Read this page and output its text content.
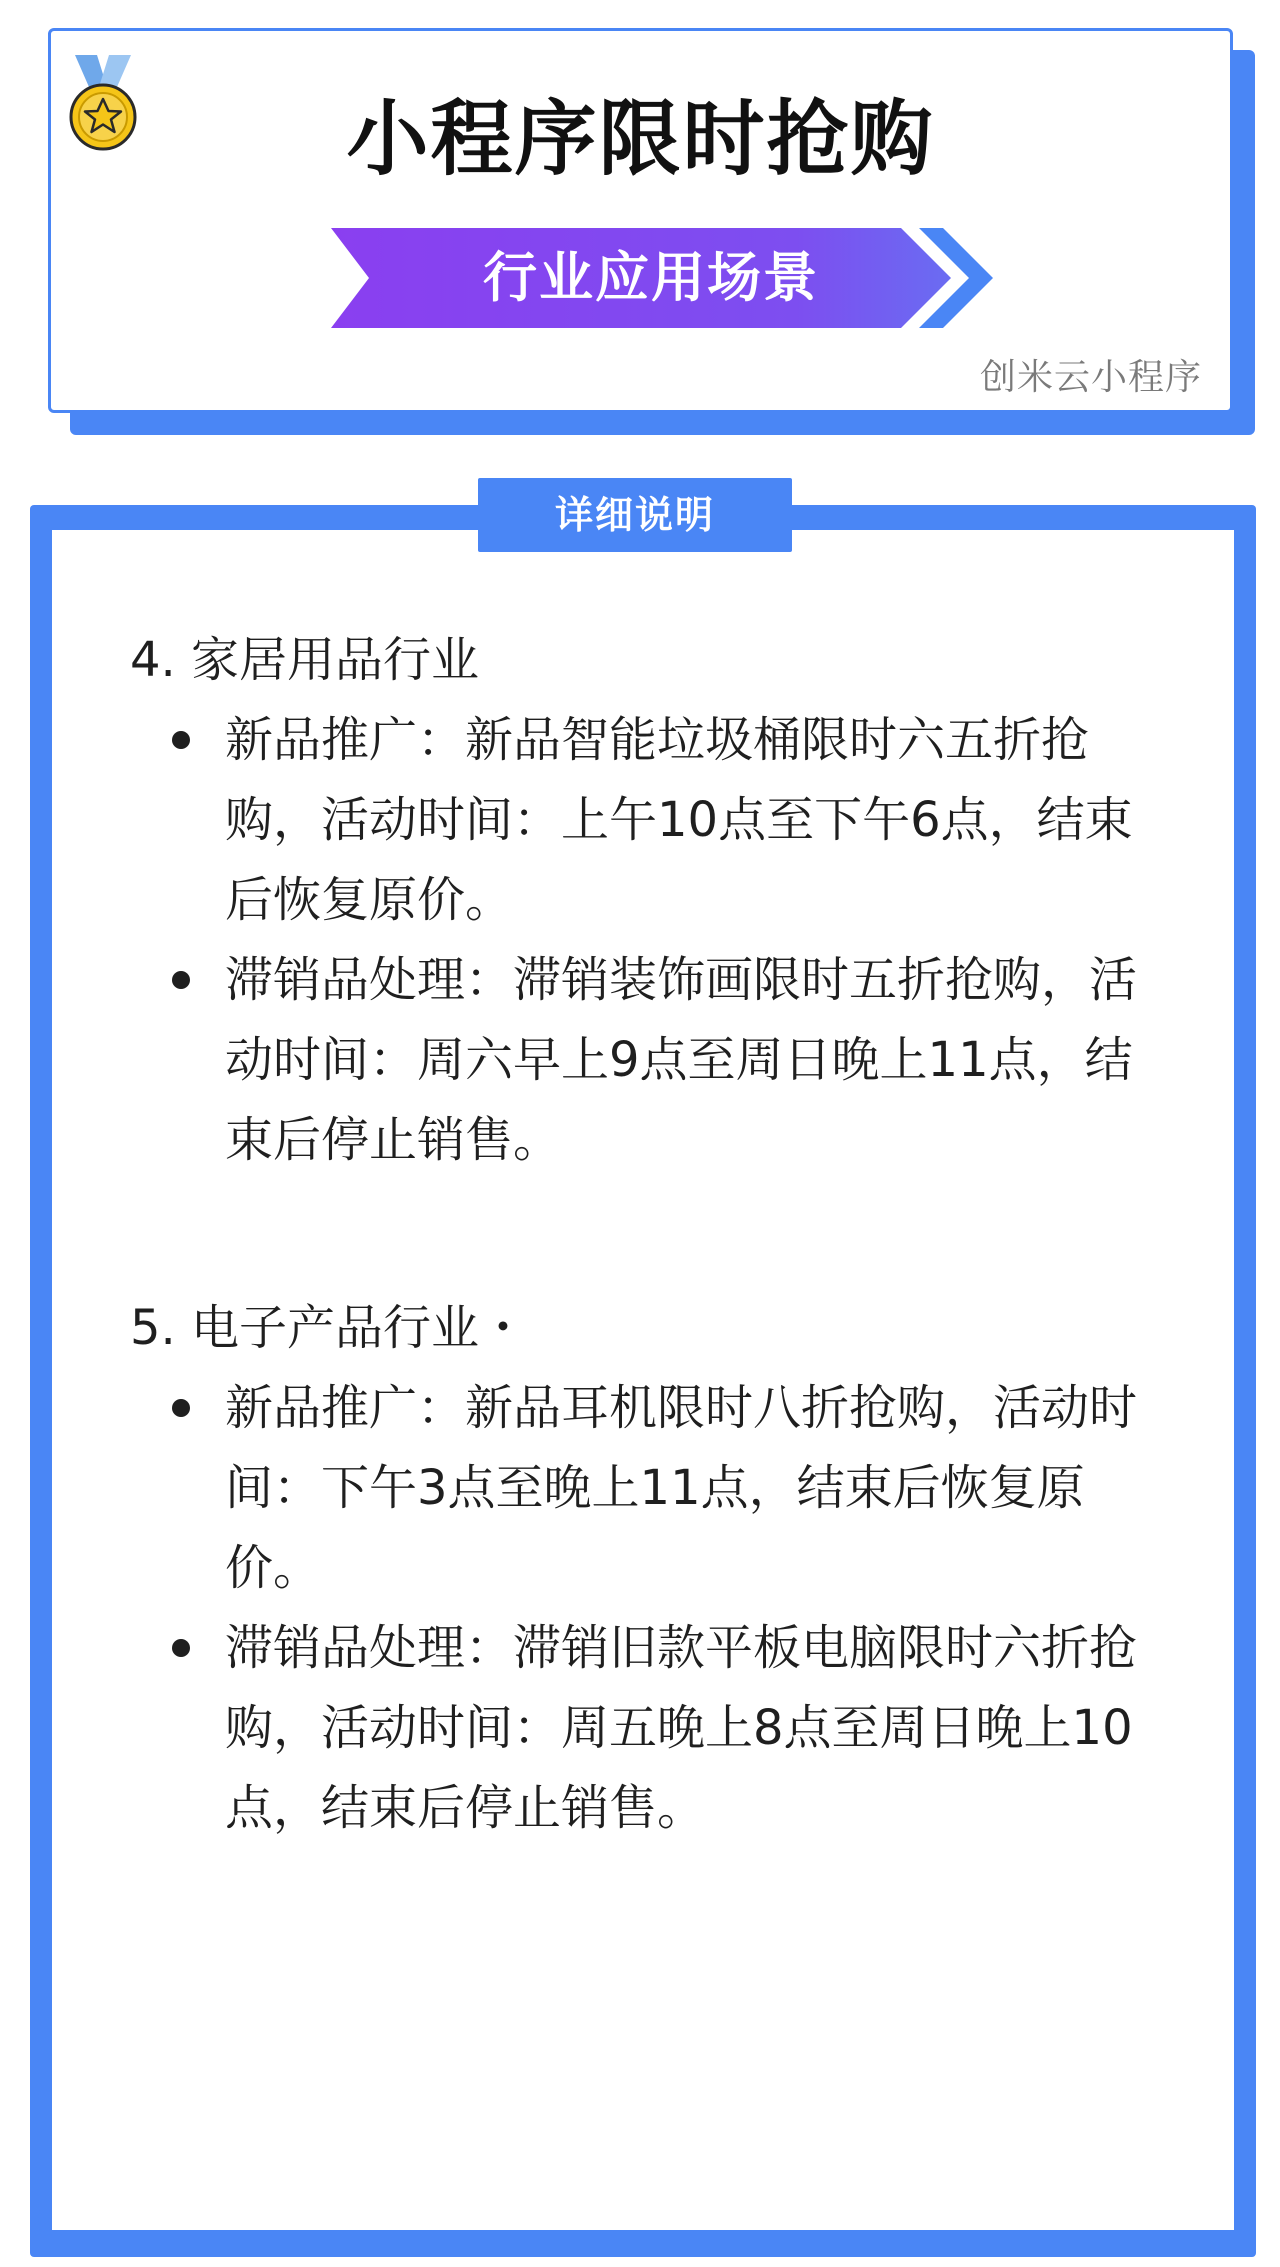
小程序限时抢购
行业应用场景
创米云小程序
详细说明

4. 家居用品行业

新品推广：新品智能垃圾桶限时六五折抢购，活动时间：上午10点至下午6点，结束后恢复原价。
滞销品处理：滞销装饰画限时五折抢购，活动时间：周六早上9点至周日晚上11点，结束后停止销售。

5. 电子产品行业・

新品推广：新品耳机限时八折抢购，活动时间：下午3点至晚上11点，结束后恢复原价。
滞销品处理：滞销旧款平板电脑限时六折抢购，活动时间：周五晚上8点至周日晚上10点，结束后停止销售。
